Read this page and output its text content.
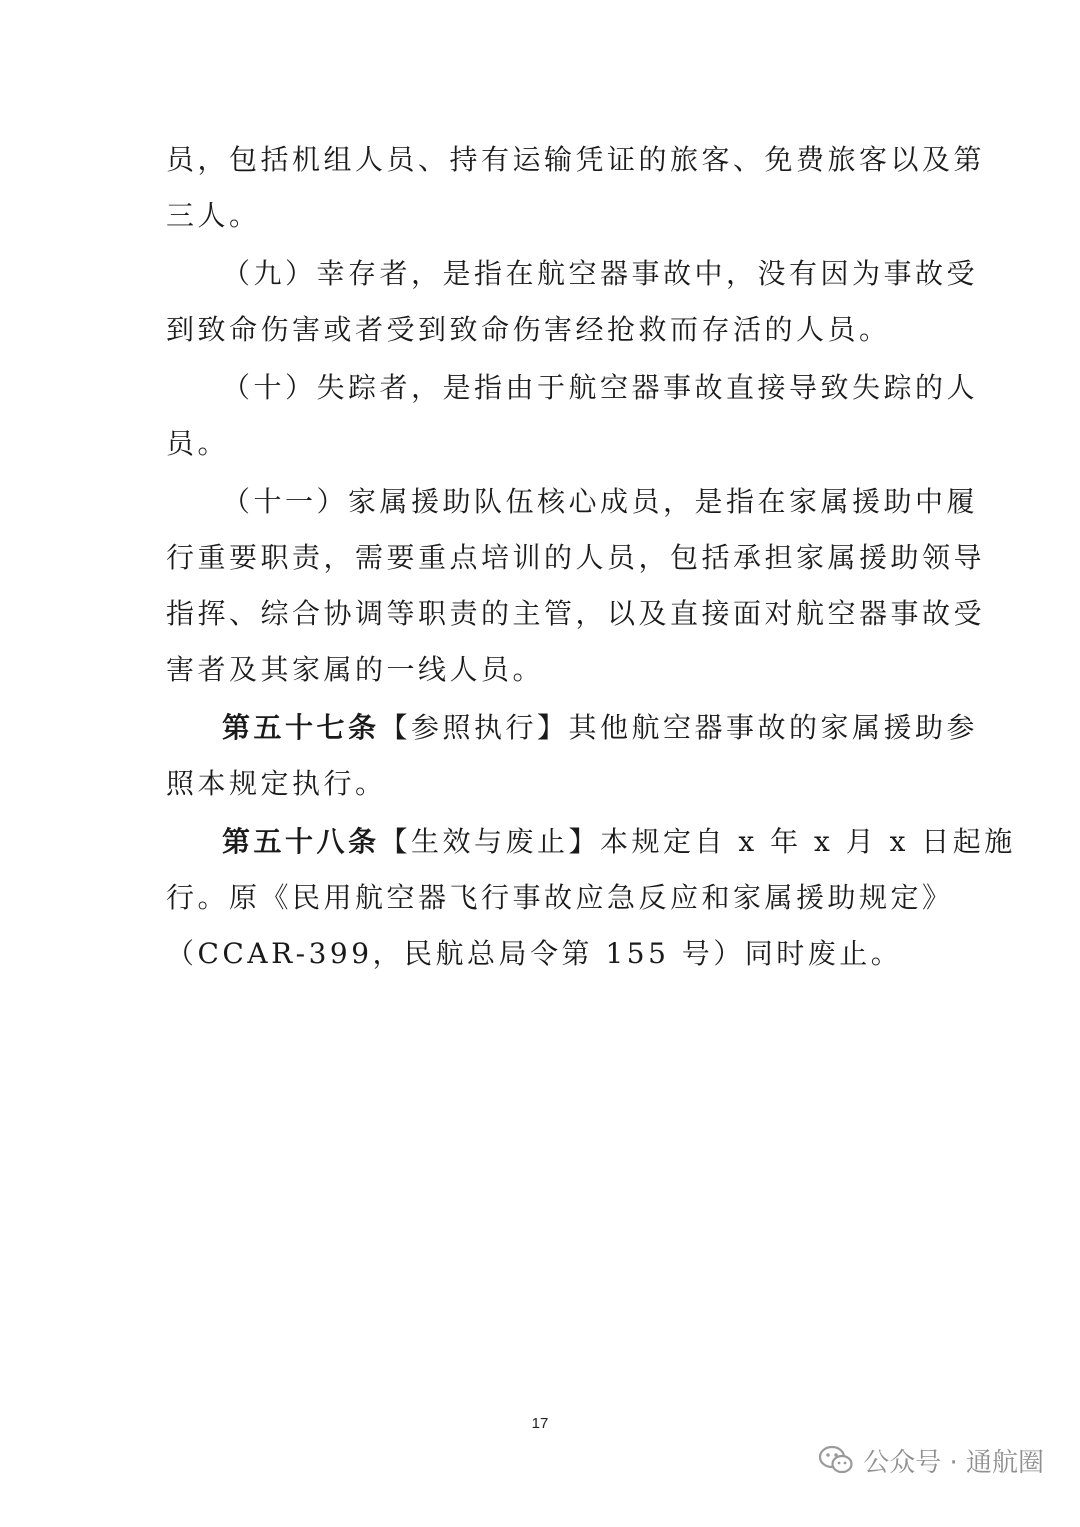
员，包括机组人员、持有运输凭证的旅客、免费旅客以及第
三人。
（九）幸存者，是指在航空器事故中，没有因为事故受
到致命伤害或者受到致命伤害经抢救而存活的人员。
（十）失踪者，是指由于航空器事故直接导致失踪的人
员。
（十一）家属援助队伍核心成员，是指在家属援助中履
行重要职责，需要重点培训的人员，包括承担家属援助领导
指挥、综合协调等职责的主管，以及直接面对航空器事故受
害者及其家属的一线人员。
第五十七条【参照执行】其他航空器事故的家属援助参
照本规定执行。
第五十八条【生效与废止】本规定自 x 年 x 月 x 日起施
行。原《民用航空器飞行事故应急反应和家属援助规定》
（CCAR-399，民航总局令第 155 号）同时废止。
17
公众号 · 通航圈
